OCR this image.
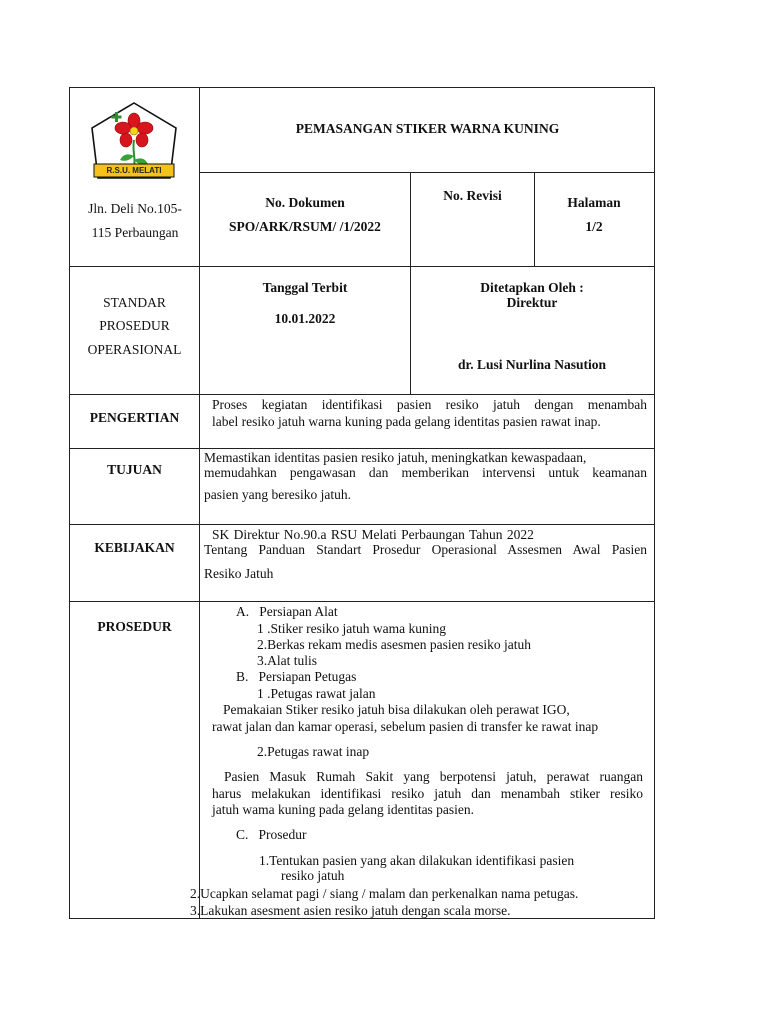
R.S.U. MELATI
Jln. Deli No.105-
115 Perbaungan
PEMASANGAN STIKER WARNA KUNING
No. Dokumen
SPO/ARK/RSUM/ /1/2022
No. Revisi	Halaman
1/2
STANDAR
PROSEDUR
OPERASIONAL
Tanggal Terbit
10.01.2022
Ditetapkan Oleh :
Direktur
dr. Lusi Nurlina Nasution
PENGERTIAN
Proses kegiatan identifikasi pasien resiko jatuh dengan menambah
label resiko jatuh warna kuning pada gelang identitas pasien rawat inap.
TUJUAN
Memastikan identitas pasien resiko jatuh, meningkatkan kewaspadaan,
memudahkan pengawasan dan memberikan intervensi untuk keamanan
pasien yang beresiko jatuh.
KEBIJAKAN
SK Direktur No.90.a RSU Melati Perbaungan Tahun 2022
Tentang Panduan Standart Prosedur Operasional Assesmen Awal Pasien
Resiko Jatuh
PROSEDUR
A.   Persiapan Alat
1 .Stiker resiko jatuh wama kuning
2.Berkas rekam medis asesmen pasien resiko jatuh
3.Alat tulis
B.   Persiapan Petugas
1 .Petugas rawat jalan
Pemakaian Stiker resiko jatuh bisa dilakukan oleh perawat IGO,
rawat jalan dan kamar operasi, sebelum pasien di transfer ke rawat inap
2.Petugas rawat inap
Pasien Masuk Rumah Sakit yang berpotensi jatuh, perawat ruangan
harus melakukan identifikasi resiko jatuh dan menambah stiker resiko
jatuh wama kuning pada gelang identitas pasien.
C.   Prosedur
1.Tentukan pasien yang akan dilakukan identifikasi pasien
resiko jatuh
2.Ucapkan selamat pagi / siang / malam dan perkenalkan nama petugas.
3.Lakukan asesment asien resiko jatuh dengan scala morse.
